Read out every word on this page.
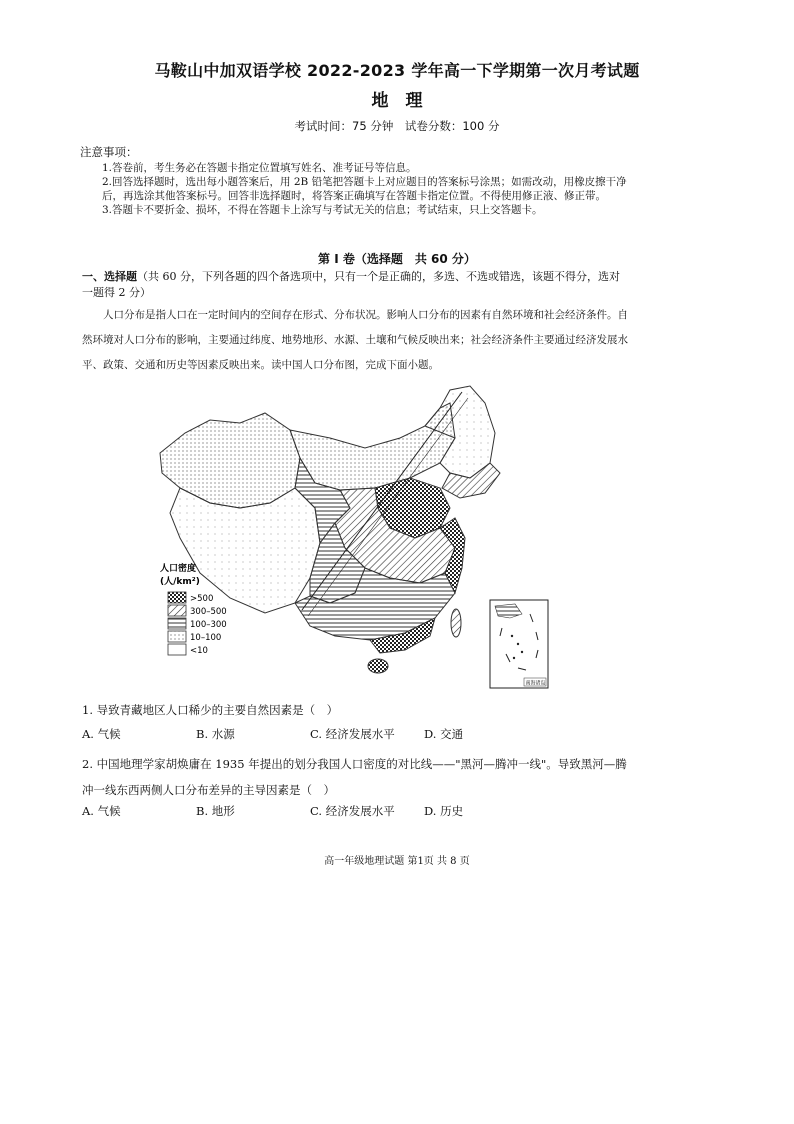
马鞍山中加双语学校 2022-2023 学年高一下学期第一次月考试题
地　理
考试时间：75 分钟　试卷分数：100 分
注意事项：
1.答卷前，考生务必在答题卡指定位置填写姓名、准考证号等信息。
2.回答选择题时，选出每小题答案后，用 2B 铅笔把答题卡上对应题目的答案标号涂黑；如需改动，用橡皮擦干净后，再选涂其他答案标号。回答非选择题时，将答案正确填写在答题卡指定位置。不得使用修正液、修正带。
3.答题卡不要折金、损坏，不得在答题卡上涂写与考试无关的信息；考试结束，只上交答题卡。
第 I 卷（选择题　共 60 分）
一、选择题（共 60 分，下列各题的四个备选项中，只有一个是正确的，多选、不选或错选，该题不得分，选对一题得 2 分）
人口分布是指人口在一定时间内的空间存在形式、分布状况。影响人口分布的因素有自然环境和社会经济条件。自然环境对人口分布的影响，主要通过纬度、地势地形、水源、土壤和气候反映出来；社会经济条件主要通过经济发展水平、政策、交通和历史等因素反映出来。读中国人口分布图，完成下面小题。
人口密度
(人/km²)
>500
300–500
100–300
10–100
<10
南海诸岛
1. 导致青藏地区人口稀少的主要自然因素是（　）
A. 气候	B. 水源	C. 经济发展水平	D. 交通
2. 中国地理学家胡焕庸在 1935 年提出的划分我国人口密度的对比线——"黑河—腾冲一线"。导致黑河—腾冲一线东西两侧人口分布差异的主导因素是（　）
A. 气候	B. 地形	C. 经济发展水平	D. 历史
高一年级地理试题 第1页 共 8 页
